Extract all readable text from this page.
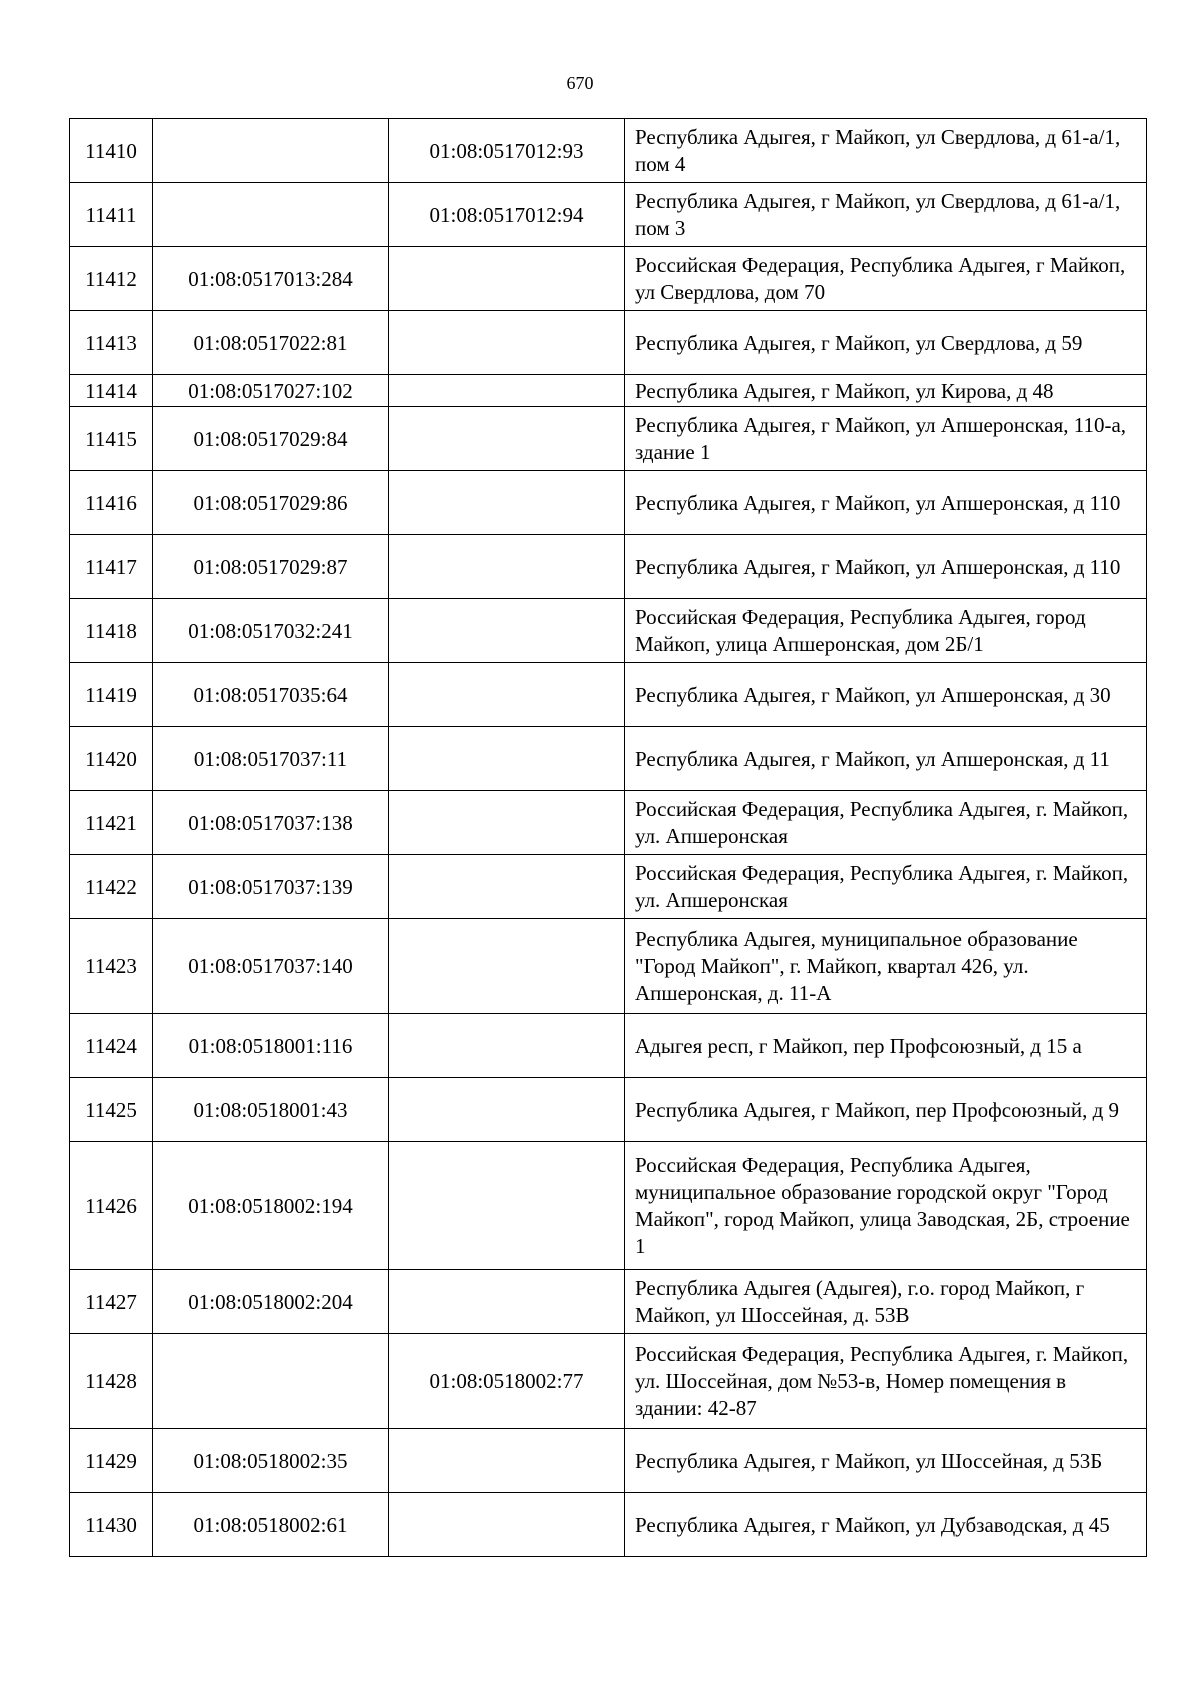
670
11410		01:08:0517012:93	Республика Адыгея, г Майкоп, ул Свердлова, д 61-а/1, пом 4
11411		01:08:0517012:94	Республика Адыгея, г Майкоп, ул Свердлова, д 61-а/1, пом 3
11412	01:08:0517013:284		Российская Федерация, Республика Адыгея, г Майкоп, ул Свердлова, дом 70
11413	01:08:0517022:81		Республика Адыгея, г Майкоп, ул Свердлова, д 59
11414	01:08:0517027:102		Республика Адыгея, г Майкоп, ул Кирова, д 48
11415	01:08:0517029:84		Республика Адыгея, г Майкоп, ул Апшеронская, 110-а, здание 1
11416	01:08:0517029:86		Республика Адыгея, г Майкоп, ул Апшеронская, д 110
11417	01:08:0517029:87		Республика Адыгея, г Майкоп, ул Апшеронская, д 110
11418	01:08:0517032:241		Российская Федерация, Республика Адыгея, город Майкоп, улица Апшеронская, дом 2Б/1
11419	01:08:0517035:64		Республика Адыгея, г Майкоп, ул Апшеронская, д 30
11420	01:08:0517037:11		Республика Адыгея, г Майкоп, ул Апшеронская, д 11
11421	01:08:0517037:138		Российская Федерация, Республика Адыгея, г. Майкоп, ул. Апшеронская
11422	01:08:0517037:139		Российская Федерация, Республика Адыгея, г. Майкоп, ул. Апшеронская
11423	01:08:0517037:140		Республика Адыгея, муниципальное образование "Город Майкоп", г. Майкоп, квартал 426, ул. Апшеронская, д. 11-А
11424	01:08:0518001:116		Адыгея респ, г Майкоп, пер Профсоюзный, д 15 а
11425	01:08:0518001:43		Республика Адыгея, г Майкоп, пер Профсоюзный, д 9
11426	01:08:0518002:194		Российская Федерация, Республика Адыгея, муниципальное образование городской округ "Город Майкоп", город Майкоп, улица Заводская, 2Б, строение 1
11427	01:08:0518002:204		Республика Адыгея (Адыгея), г.о. город Майкоп, г Майкоп, ул Шоссейная, д. 53В
11428		01:08:0518002:77	Российская Федерация, Республика Адыгея, г. Майкоп, ул. Шоссейная, дом №53-в, Номер помещения в здании: 42-87
11429	01:08:0518002:35		Республика Адыгея, г Майкоп, ул Шоссейная, д 53Б
11430	01:08:0518002:61		Республика Адыгея, г Майкоп, ул Дубзаводская, д 45
